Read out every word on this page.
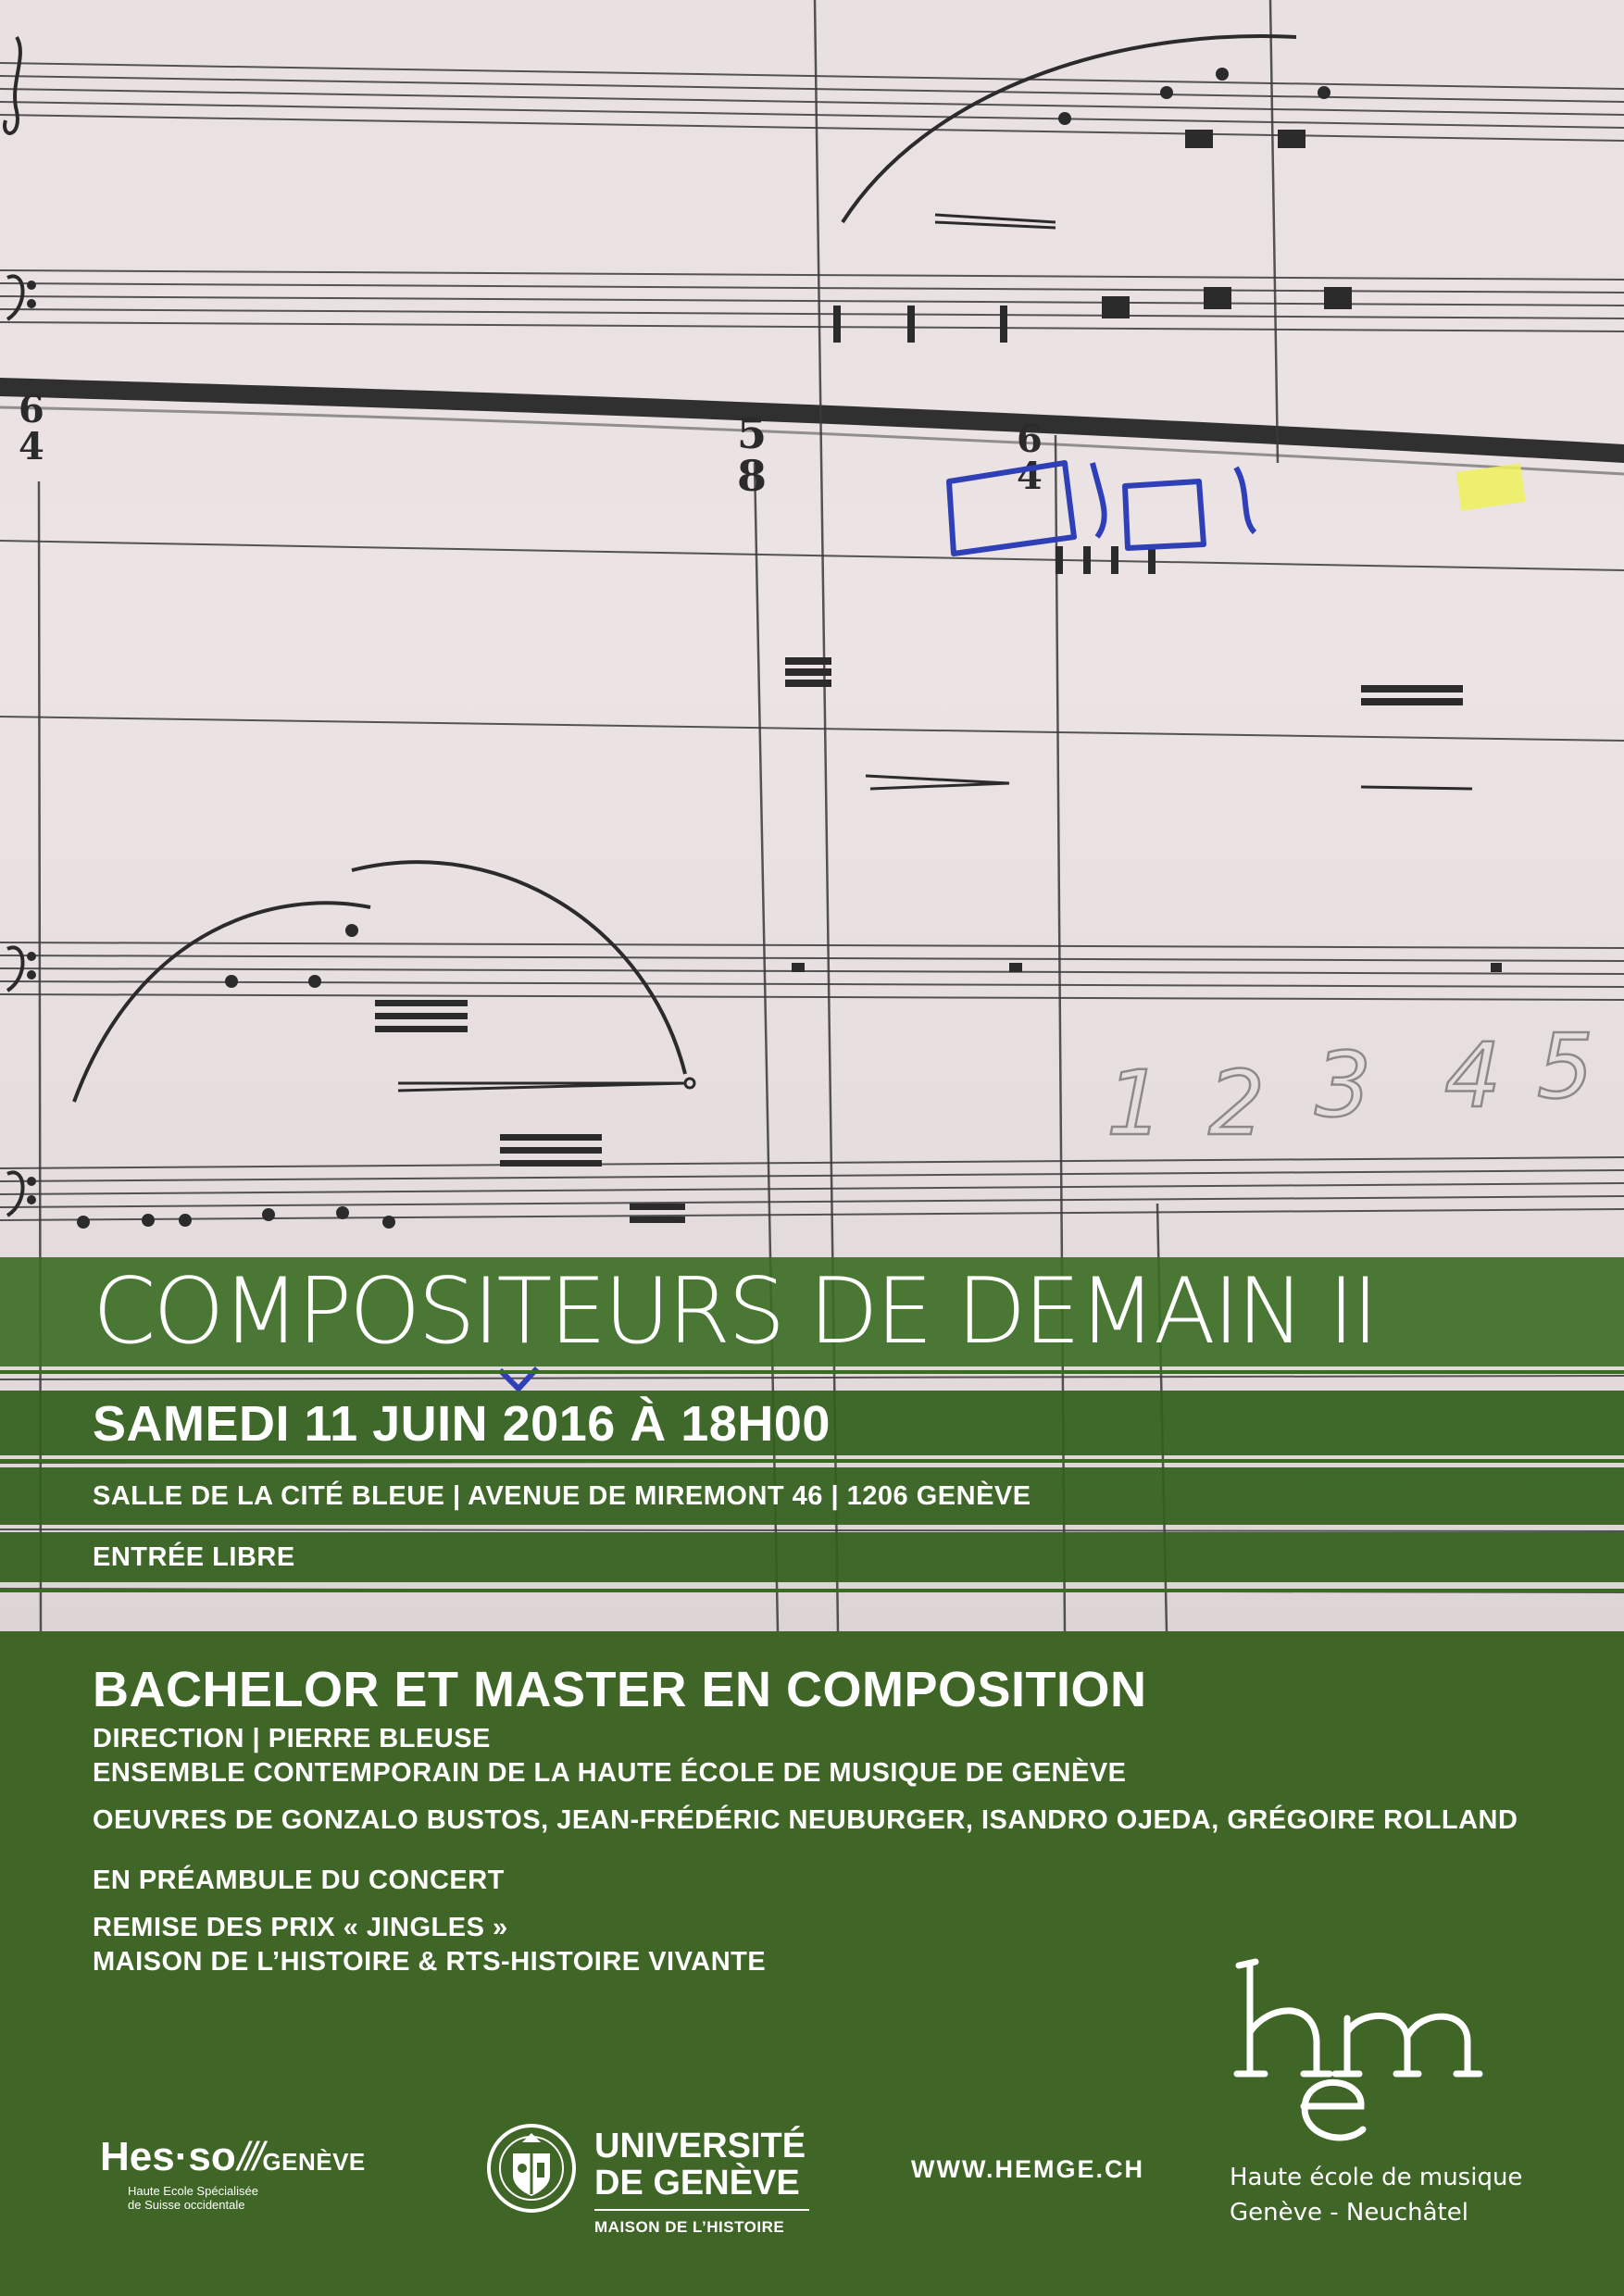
6
4	5
8
6
4
1 2 3 4 5
COMPOSITEURS DE DEMAIN II
SAMEDI 11 JUIN 2016 À 18H00
SALLE DE LA CITÉ BLEUE | AVENUE DE MIREMONT 46 | 1206 GENÈVE
ENTRÉE LIBRE
BACHELOR ET MASTER EN COMPOSITION
DIRECTION | PIERRE BLEUSE
ENSEMBLE CONTEMPORAIN DE LA HAUTE ÉCOLE DE MUSIQUE DE GENÈVE
OEUVRES DE GONZALO BUSTOS, JEAN-FRÉDÉRIC NEUBURGER, ISANDRO OJEDA, GRÉGOIRE ROLLAND
EN PRÉAMBULE DU CONCERT
REMISE DES PRIX « JINGLES »
MAISON DE L’HISTOIRE & RTS-HISTOIRE VIVANTE
Haute école de musique
Genève - Neuchâtel
Hes·so///GENÈVE
Haute Ecole Spécialisée
de Suisse occidentale
UNIVERSITÉ
DE GENÈVE
MAISON DE L’HISTOIRE
WWW.HEMGE.CH
